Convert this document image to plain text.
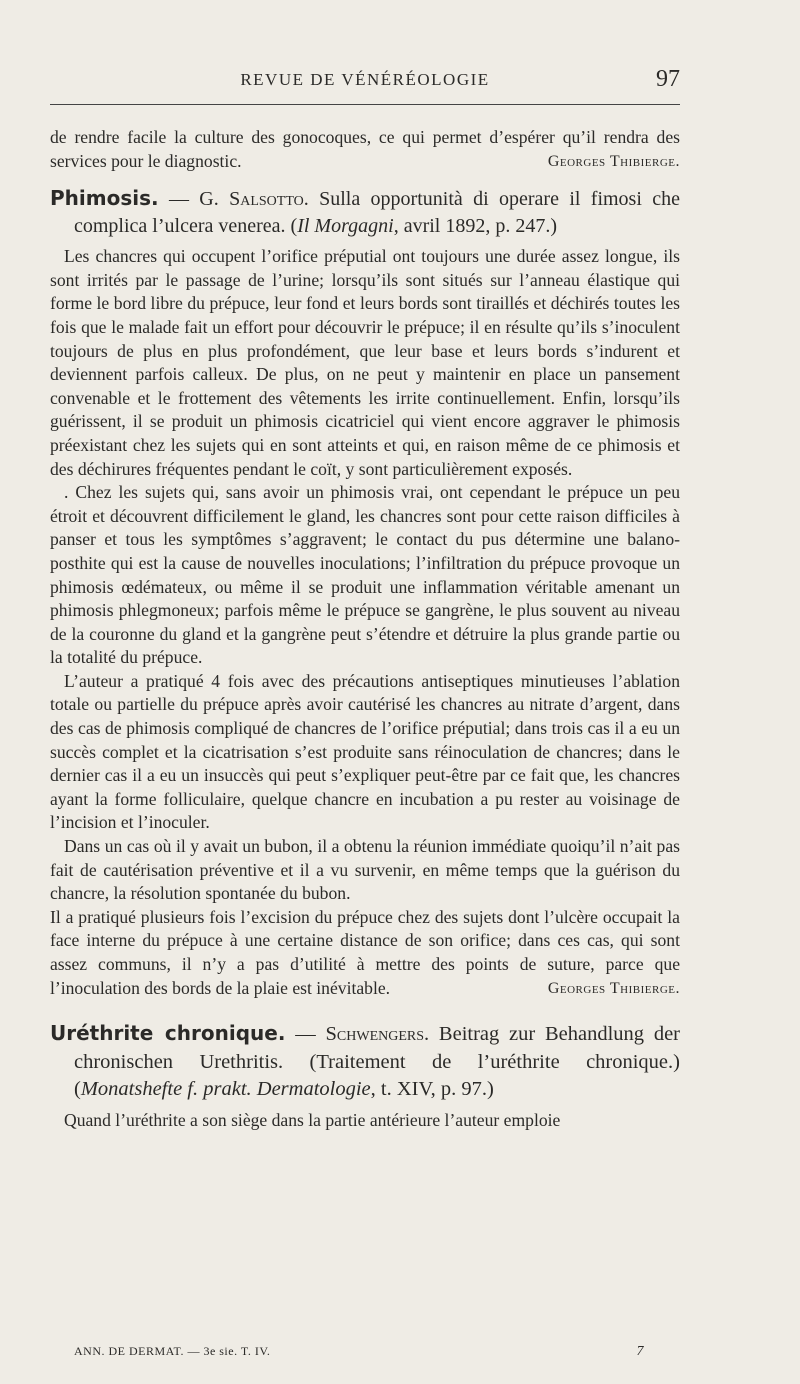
REVUE DE VÉNÉRÉOLOGIE	97
de rendre facile la culture des gonocoques, ce qui permet d’espérer qu’il rendra des services pour le diagnostic.	Georges Thibierge.

Phimosis. — G. Salsotto. Sulla opportunità di operare il fimosi che complica l’ulcera venerea. (Il Morgagni, avril 1892, p. 247.)

Les chancres qui occupent l’orifice préputial ont toujours une durée assez longue, ils sont irrités par le passage de l’urine; lorsqu’ils sont situés sur l’anneau élastique qui forme le bord libre du prépuce, leur fond et leurs bords sont tiraillés et déchirés toutes les fois que le malade fait un effort pour découvrir le prépuce; il en résulte qu’ils s’inoculent toujours de plus en plus profondément, que leur base et leurs bords s’indurent et deviennent parfois calleux. De plus, on ne peut y maintenir en place un pansement convenable et le frottement des vêtements les irrite continuellement. Enfin, lorsqu’ils guérissent, il se produit un phimosis cicatriciel qui vient encore aggraver le phimosis préexistant chez les sujets qui en sont atteints et qui, en raison même de ce phimosis et des déchirures fréquentes pendant le coït, y sont particulièrement exposés.

. Chez les sujets qui, sans avoir un phimosis vrai, ont cependant le prépuce un peu étroit et découvrent difficilement le gland, les chancres sont pour cette raison difficiles à panser et tous les symptômes s’aggravent; le contact du pus détermine une balano-posthite qui est la cause de nouvelles inoculations; l’infiltration du prépuce provoque un phimosis œdémateux, ou même il se produit une inflammation véritable amenant un phimosis phlegmoneux; parfois même le prépuce se gangrène, le plus souvent au niveau de la couronne du gland et la gangrène peut s’étendre et détruire la plus grande partie ou la totalité du prépuce.

L’auteur a pratiqué 4 fois avec des précautions antiseptiques minutieuses l’ablation totale ou partielle du prépuce après avoir cautérisé les chancres au nitrate d’argent, dans des cas de phimosis compliqué de chancres de l’orifice préputial; dans trois cas il a eu un succès complet et la cicatrisation s’est produite sans réinoculation de chancres; dans le dernier cas il a eu un insuccès qui peut s’expliquer peut-être par ce fait que, les chancres ayant la forme folliculaire, quelque chancre en incubation a pu rester au voisinage de l’incision et l’inoculer.

Dans un cas où il y avait un bubon, il a obtenu la réunion immédiate quoiqu’il n’ait pas fait de cautérisation préventive et il a vu survenir, en même temps que la guérison du chancre, la résolution spontanée du bubon.

Il a pratiqué plusieurs fois l’excision du prépuce chez des sujets dont l’ulcère occupait la face interne du prépuce à une certaine distance de son orifice; dans ces cas, qui sont assez communs, il n’y a pas d’utilité à mettre des points de suture, parce que l’inoculation des bords de la plaie est inévitable.	Georges Thibierge.

Uréthrite chronique. — Schwengers. Beitrag zur Behandlung der chronischen Urethritis. (Traitement de l’uréthrite chronique.) (Monatshefte f. prakt. Dermatologie, t. XIV, p. 97.)

Quand l’uréthrite a son siège dans la partie antérieure l’auteur emploie

ANN. DE DERMAT. — 3e sie. T. IV.	7
